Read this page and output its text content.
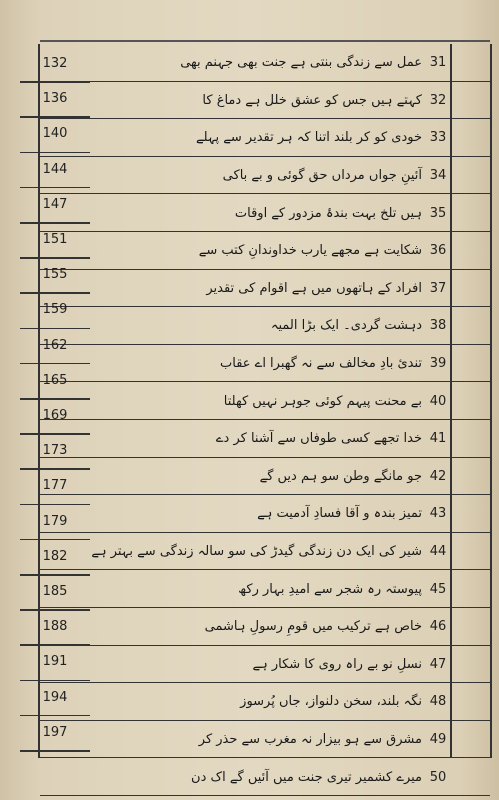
عمل سے زندگی بنتی ہے جنت بھی جہنم بھی 31
کہتے ہیں جس کو عشق خلل ہے دماغ کا 32
خودی کو کر بلند اتنا کہ ہر تقدیر سے پہلے 33
آئینِ جواں مرداں حق گوئی و بے باکی 34
ہیں تلخ بہت بندۂ مزدور کے اوقات 35
شکایت ہے مجھے یارب خداوندانِ کتب سے 36
افراد کے ہاتھوں میں ہے اقوام کی تقدیر 37
دہشت گردی۔ ایک بڑا المیہ 38
تندیٔ بادِ مخالف سے نہ گھبرا اے عقاب 39
بے محنت پیہم کوئی جوہر نہیں کھلتا 40
خدا تجھے کسی طوفاں سے آشنا کر دے 41
جو مانگے وطن سو ہم دیں گے 42
تمیز بندہ و آقا فسادِ آدمیت ہے 43
شیر کی ایک دن زندگی گیدڑ کی سو سالہ زندگی سے بہتر ہے 44
پیوستہ رہ شجر سے امیدِ بہار رکھ 45
خاص ہے ترکیب میں قومِ رسولِ ہاشمی 46
نسلِ نو بے راہ روی کا شکار ہے 47
نگہ بلند، سخن دلنواز، جاں پُرسوز 48
مشرق سے ہو بیزار نہ مغرب سے حذر کر 49
میرے کشمیر تیری جنت میں آئیں گے اک دن 50
132
136
140
144
147
151
155
159
162
165
169
173
177
179
182
185
188
191
194
197
